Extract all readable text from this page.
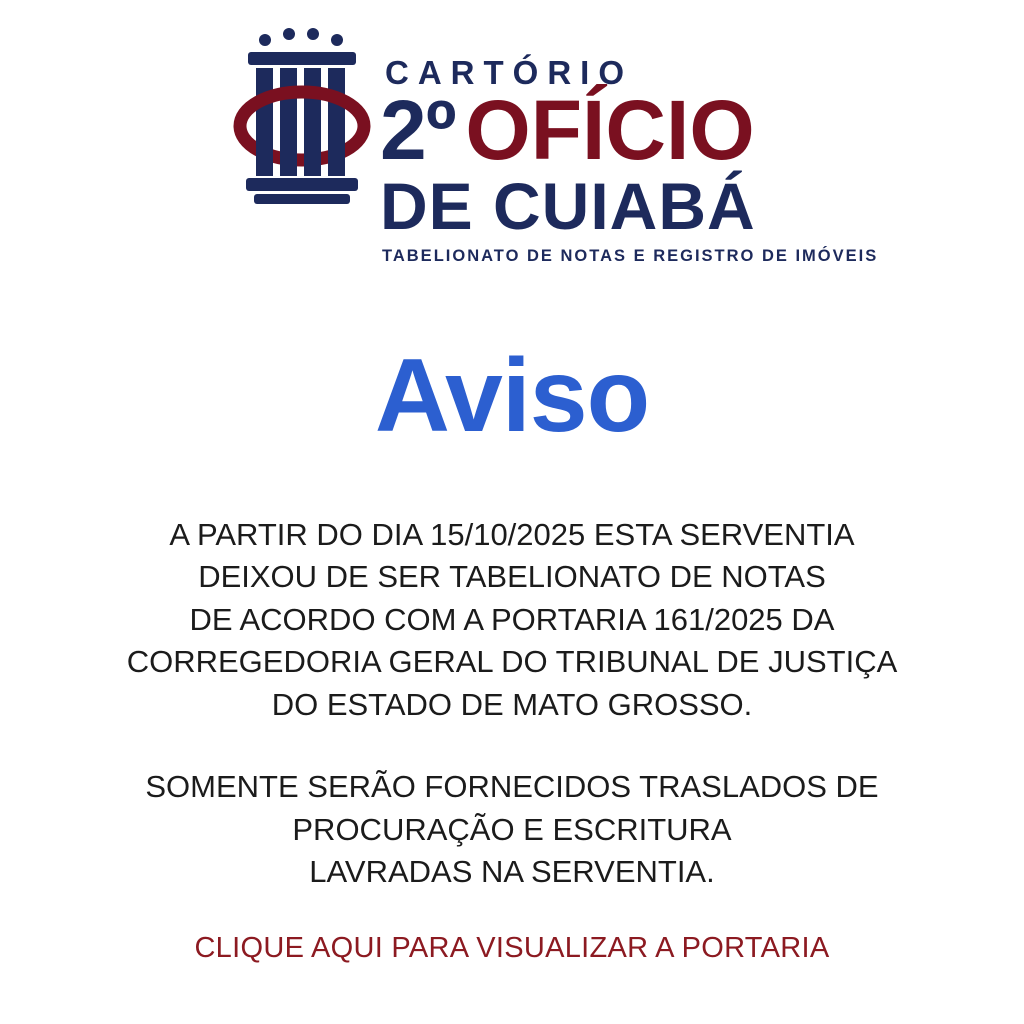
CARTÓRIO
2º OFÍCIO
DE CUIABÁ
TABELIONATO DE NOTAS E REGISTRO DE IMÓVEIS
Aviso

A PARTIR DO DIA 15/10/2025 ESTA SERVENTIA
DEIXOU DE SER TABELIONATO DE NOTAS
DE ACORDO COM A PORTARIA 161/2025 DA
CORREGEDORIA GERAL DO TRIBUNAL DE JUSTIÇA
DO ESTADO DE MATO GROSSO.

SOMENTE SERÃO FORNECIDOS TRASLADOS DE
PROCURAÇÃO E ESCRITURA
LAVRADAS NA SERVENTIA.

CLIQUE AQUI PARA VISUALIZAR A PORTARIA
